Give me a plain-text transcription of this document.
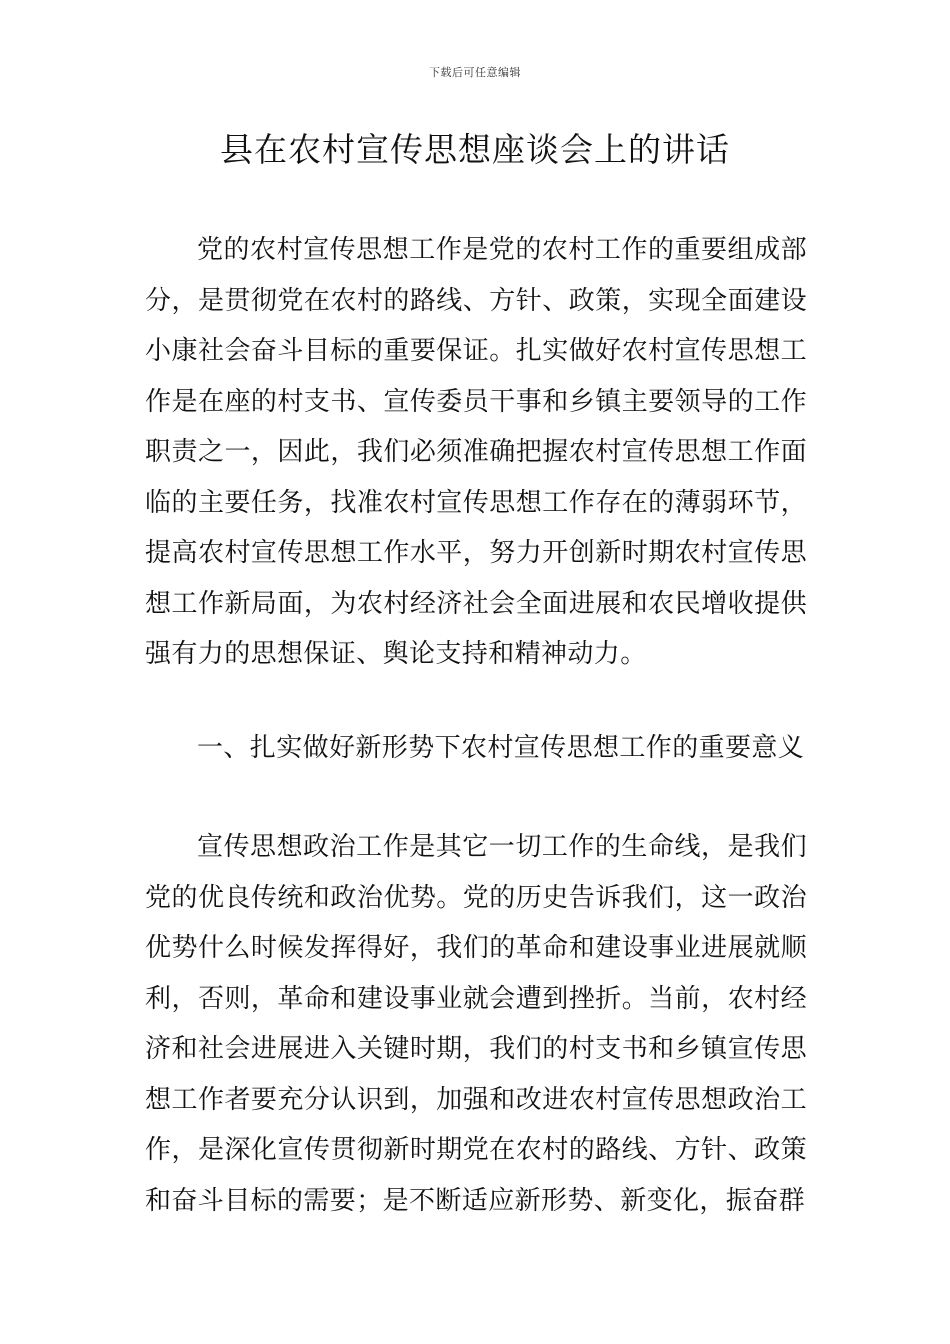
下载后可任意编辑
县在农村宣传思想座谈会上的讲话

党的农村宣传思想工作是党的农村工作的重要组成部分，是贯彻党在农村的路线、方针、政策，实现全面建设小康社会奋斗目标的重要保证。扎实做好农村宣传思想工作是在座的村支书、宣传委员干事和乡镇主要领导的工作职责之一，因此，我们必须准确把握农村宣传思想工作面临的主要任务，找准农村宣传思想工作存在的薄弱环节，提高农村宣传思想工作水平，努力开创新时期农村宣传思想工作新局面，为农村经济社会全面进展和农民增收提供强有力的思想保证、舆论支持和精神动力。

一、扎实做好新形势下农村宣传思想工作的重要意义

宣传思想政治工作是其它一切工作的生命线，是我们党的优良传统和政治优势。党的历史告诉我们，这一政治优势什么时候发挥得好，我们的革命和建设事业进展就顺利，否则，革命和建设事业就会遭到挫折。当前，农村经济和社会进展进入关键时期，我们的村支书和乡镇宣传思想工作者要充分认识到，加强和改进农村宣传思想政治工作，是深化宣传贯彻新时期党在农村的路线、方针、政策和奋斗目标的需要；是不断适应新形势、新变化，振奋群
